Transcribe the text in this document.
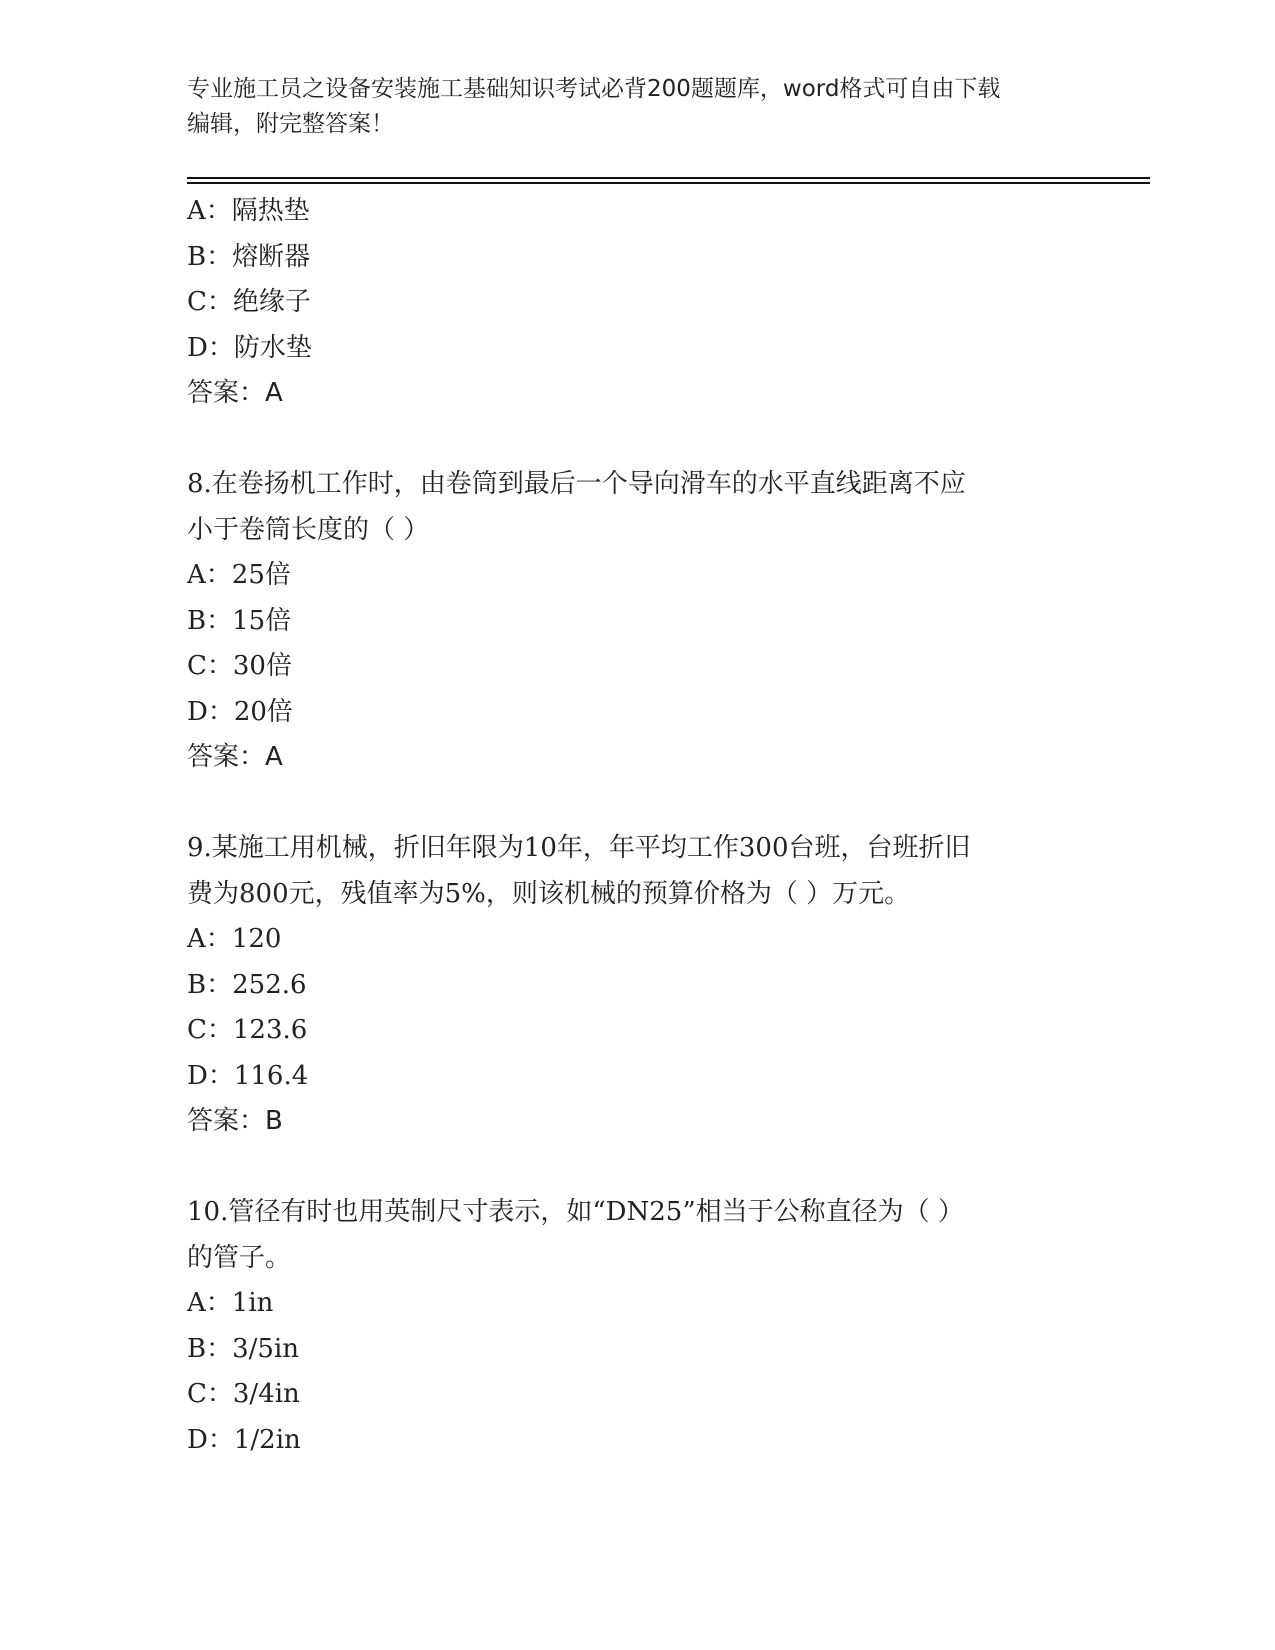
专业施工员之设备安装施工基础知识考试必背200题题库，word格式可自由下载
编辑，附完整答案！
A：隔热垫
B：熔断器
C：绝缘子
D：防水垫
答案：A
8.在卷扬机工作时，由卷筒到最后一个导向滑车的水平直线距离不应
小于卷筒长度的（ ）
A：25倍
B：15倍
C：30倍
D：20倍
答案：A
9.某施工用机械，折旧年限为10年，年平均工作300台班，台班折旧
费为800元，残值率为5%，则该机械的预算价格为（ ）万元。
A：120
B：252.6
C：123.6
D：116.4
答案：B
10.管径有时也用英制尺寸表示，如“DN25”相当于公称直径为（ ）
的管子。
A：1in
B：3/5in
C：3/4in
D：1/2in
